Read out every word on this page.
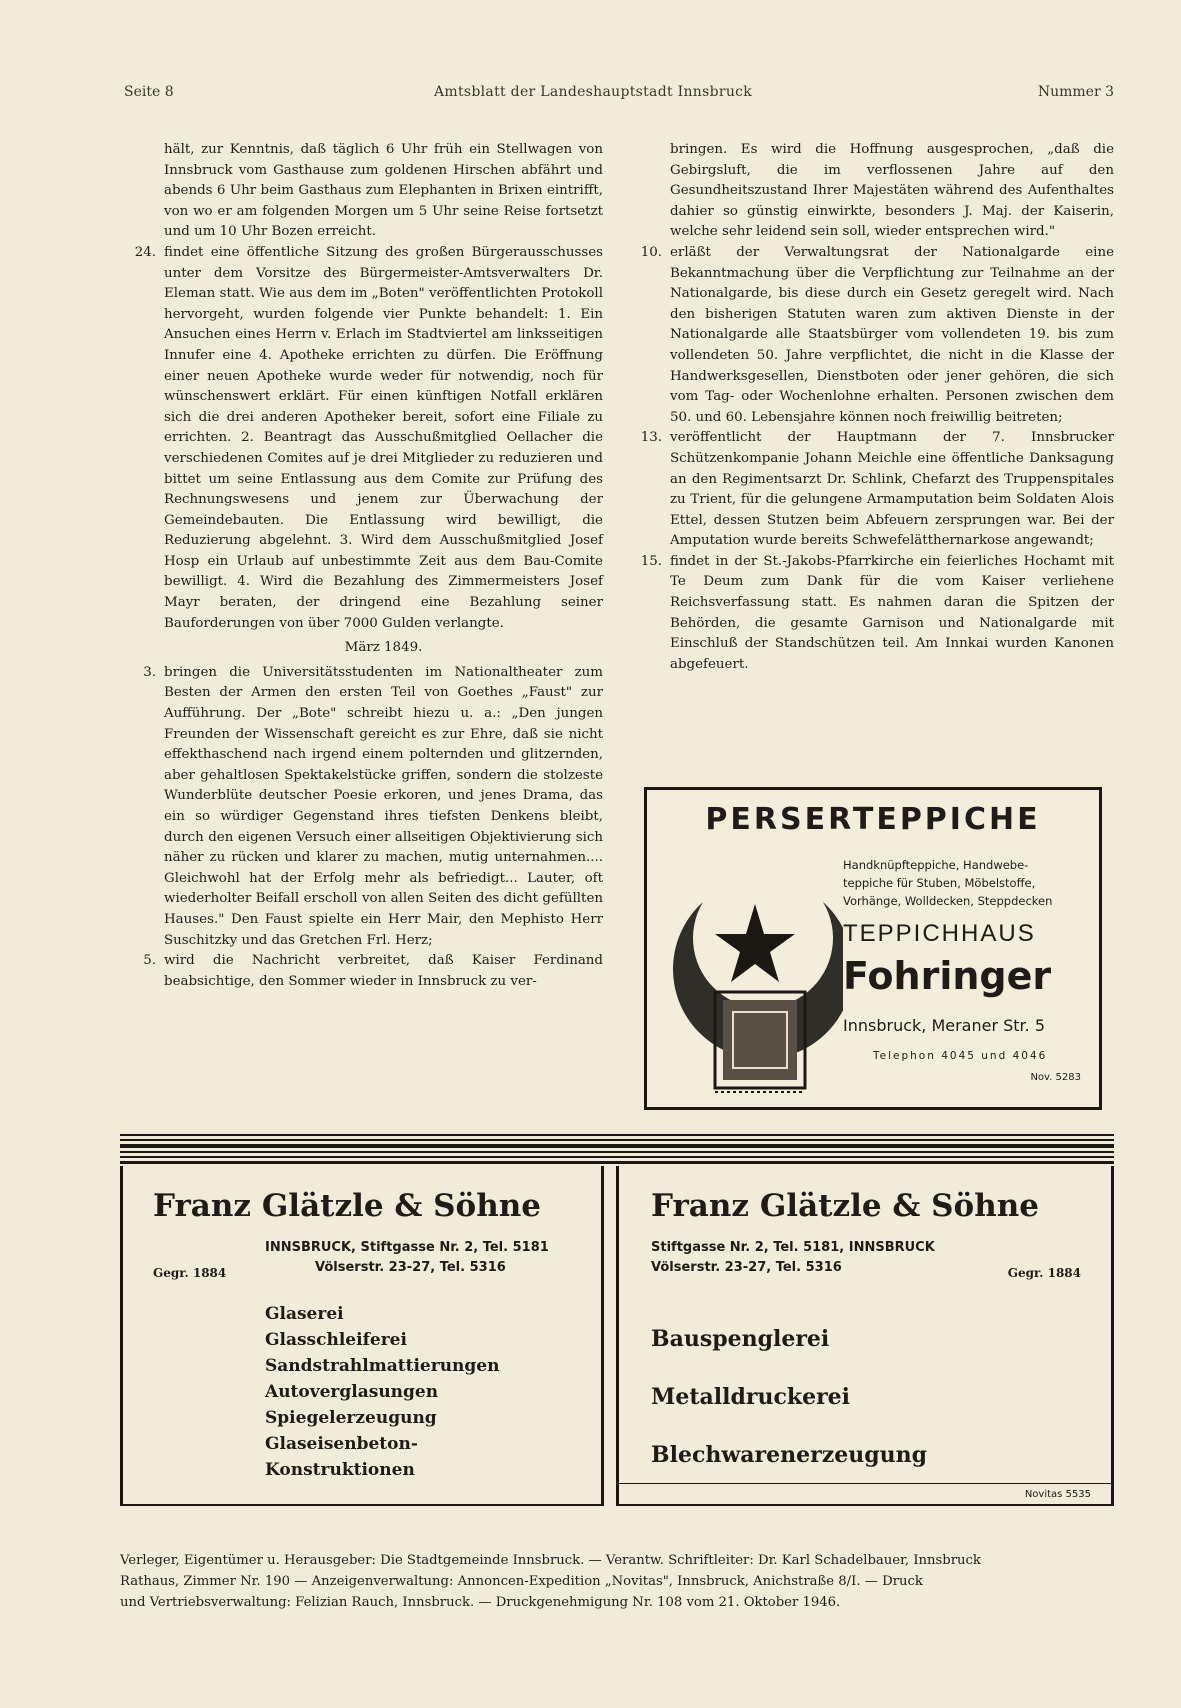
Seite 8	Amtsblatt der Landeshauptstadt Innsbruck	Nummer 3

hält, zur Kenntnis, daß täglich 6 Uhr früh ein Stellwagen von Innsbruck vom Gasthause zum goldenen Hirschen abfährt und abends 6 Uhr beim Gasthaus zum Elephanten in Brixen eintrifft, von wo er am folgenden Morgen um 5 Uhr seine Reise fortsetzt und um 10 Uhr Bozen erreicht.

24. findet eine öffentliche Sitzung des großen Bürgerausschusses unter dem Vorsitze des Bürgermeister-Amtsverwalters Dr. Eleman statt. Wie aus dem im „Boten" veröffentlichten Protokoll hervorgeht, wurden folgende vier Punkte behandelt: 1. Ein Ansuchen eines Herrn v. Erlach im Stadtviertel am linksseitigen Innufer eine 4. Apotheke errichten zu dürfen. Die Eröffnung einer neuen Apotheke wurde weder für notwendig, noch für wünschenswert erklärt. Für einen künftigen Notfall erklären sich die drei anderen Apotheker bereit, sofort eine Filiale zu errichten. 2. Beantragt das Ausschußmitglied Oellacher die verschiedenen Comites auf je drei Mitglieder zu reduzieren und bittet um seine Entlassung aus dem Comite zur Prüfung des Rechnungswesens und jenem zur Überwachung der Gemeindebauten. Die Entlassung wird bewilligt, die Reduzierung abgelehnt. 3. Wird dem Ausschußmitglied Josef Hosp ein Urlaub auf unbestimmte Zeit aus dem Bau-Comite bewilligt. 4. Wird die Bezahlung des Zimmermeisters Josef Mayr beraten, der dringend eine Bezahlung seiner Bauforderungen von über 7000 Gulden verlangte.

März 1849.
3. bringen die Universitätsstudenten im Nationaltheater zum Besten der Armen den ersten Teil von Goethes „Faust" zur Aufführung. Der „Bote" schreibt hiezu u. a.: „Den jungen Freunden der Wissenschaft gereicht es zur Ehre, daß sie nicht effekthaschend nach irgend einem polternden und glitzernden, aber gehaltlosen Spektakelstücke griffen, sondern die stolzeste Wunderblüte deutscher Poesie erkoren, und jenes Drama, das ein so würdiger Gegenstand ihres tiefsten Denkens bleibt, durch den eigenen Versuch einer allseitigen Objektivierung sich näher zu rücken und klarer zu machen, mutig unternahmen.... Gleichwohl hat der Erfolg mehr als befriedigt... Lauter, oft wiederholter Beifall erscholl von allen Seiten des dicht gefüllten Hauses." Den Faust spielte ein Herr Mair, den Mephisto Herr Suschitzky und das Gretchen Frl. Herz;

5. wird die Nachricht verbreitet, daß Kaiser Ferdinand beabsichtige, den Sommer wieder in Innsbruck zu ver-

bringen. Es wird die Hoffnung ausgesprochen, „daß die Gebirgsluft, die im verflossenen Jahre auf den Gesundheitszustand Ihrer Majestäten während des Aufenthaltes dahier so günstig einwirkte, besonders J. Maj. der Kaiserin, welche sehr leidend sein soll, wieder entsprechen wird."

10. erläßt der Verwaltungsrat der Nationalgarde eine Bekanntmachung über die Verpflichtung zur Teilnahme an der Nationalgarde, bis diese durch ein Gesetz geregelt wird. Nach den bisherigen Statuten waren zum aktiven Dienste in der Nationalgarde alle Staatsbürger vom vollendeten 19. bis zum vollendeten 50. Jahre verpflichtet, die nicht in die Klasse der Handwerksgesellen, Dienstboten oder jener gehören, die sich vom Tag- oder Wochenlohne erhalten. Personen zwischen dem 50. und 60. Lebensjahre können noch freiwillig beitreten;

13. veröffentlicht der Hauptmann der 7. Innsbrucker Schützenkompanie Johann Meichle eine öffentliche Danksagung an den Regimentsarzt Dr. Schlink, Chefarzt des Truppenspitales zu Trient, für die gelungene Armamputation beim Soldaten Alois Ettel, dessen Stutzen beim Abfeuern zersprungen war. Bei der Amputation wurde bereits Schwefelätthernarkose angewandt;

15. findet in der St.-Jakobs-Pfarrkirche ein feierliches Hochamt mit Te Deum zum Dank für die vom Kaiser verliehene Reichsverfassung statt. Es nahmen daran die Spitzen der Behörden, die gesamte Garnison und Nationalgarde mit Einschluß der Standschützen teil. Am Innkai wurden Kanonen abgefeuert.

PERSERTEPPICHE
Handknüpfteppiche, Handwebe-
teppiche für Stuben, Möbelstoffe,
Vorhänge, Wolldecken, Steppdecken
TEPPICHHAUS
Fohringer
Innsbruck, Meraner Str. 5
Telephon 4045 und 4046
Nov. 5283
Franz Glätzle & Söhne
INNSBRUCK, Stiftgasse Nr. 2, Tel. 5181
Völserstr. 23-27, Tel. 5316
Gegr. 1884
Glaserei
Glasschleiferei
Sandstrahlmattierungen
Autoverglasungen
Spiegelerzeugung
Glaseisenbeton-
Konstruktionen
Franz Glätzle & Söhne
Stiftgasse Nr. 2, Tel. 5181, INNSBRUCK
Völserstr. 23-27, Tel. 5316	Gegr. 1884
Bauspenglerei
Metalldruckerei
Blechwarenerzeugung
Novitas 5535

Verleger, Eigentümer u. Herausgeber: Die Stadtgemeinde Innsbruck. — Verantw. Schriftleiter: Dr. Karl Schadelbauer, Innsbruck

Rathaus, Zimmer Nr. 190 — Anzeigenverwaltung: Annoncen-Expedition „Novitas", Innsbruck, Anichstraße 8/I. — Druck

und Vertriebsverwaltung: Felizian Rauch, Innsbruck. — Druckgenehmigung Nr. 108 vom 21. Oktober 1946.
